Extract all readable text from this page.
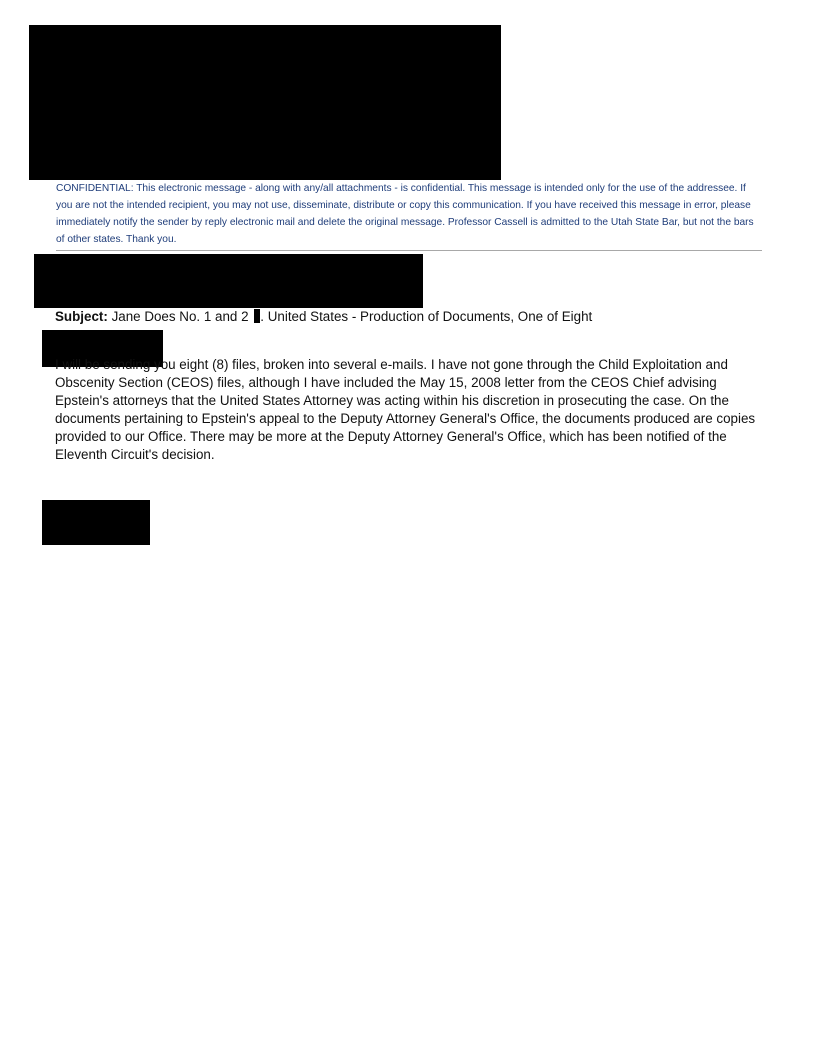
CONFIDENTIAL: This electronic message - along with any/all attachments - is confidential. This message is intended only for the use of the addressee. If you are not the intended recipient, you may not use, disseminate, distribute or copy this communication. If you have received this message in error, please immediately notify the sender by reply electronic mail and delete the original message. Professor Cassell is admitted to the Utah State Bar, but not the bars of other states. Thank you.
Subject: Jane Does No. 1 and 2 . United States - Production of Documents, One of Eight
I will be sending you eight (8) files, broken into several e-mails. I have not gone through the Child Exploitation and Obscenity Section (CEOS) files, although I have included the May 15, 2008 letter from the CEOS Chief advising Epstein's attorneys that the United States Attorney was acting within his discretion in prosecuting the case. On the documents pertaining to Epstein's appeal to the Deputy Attorney General's Office, the documents produced are copies provided to our Office. There may be more at the Deputy Attorney General's Office, which has been notified of the Eleventh Circuit's decision.
